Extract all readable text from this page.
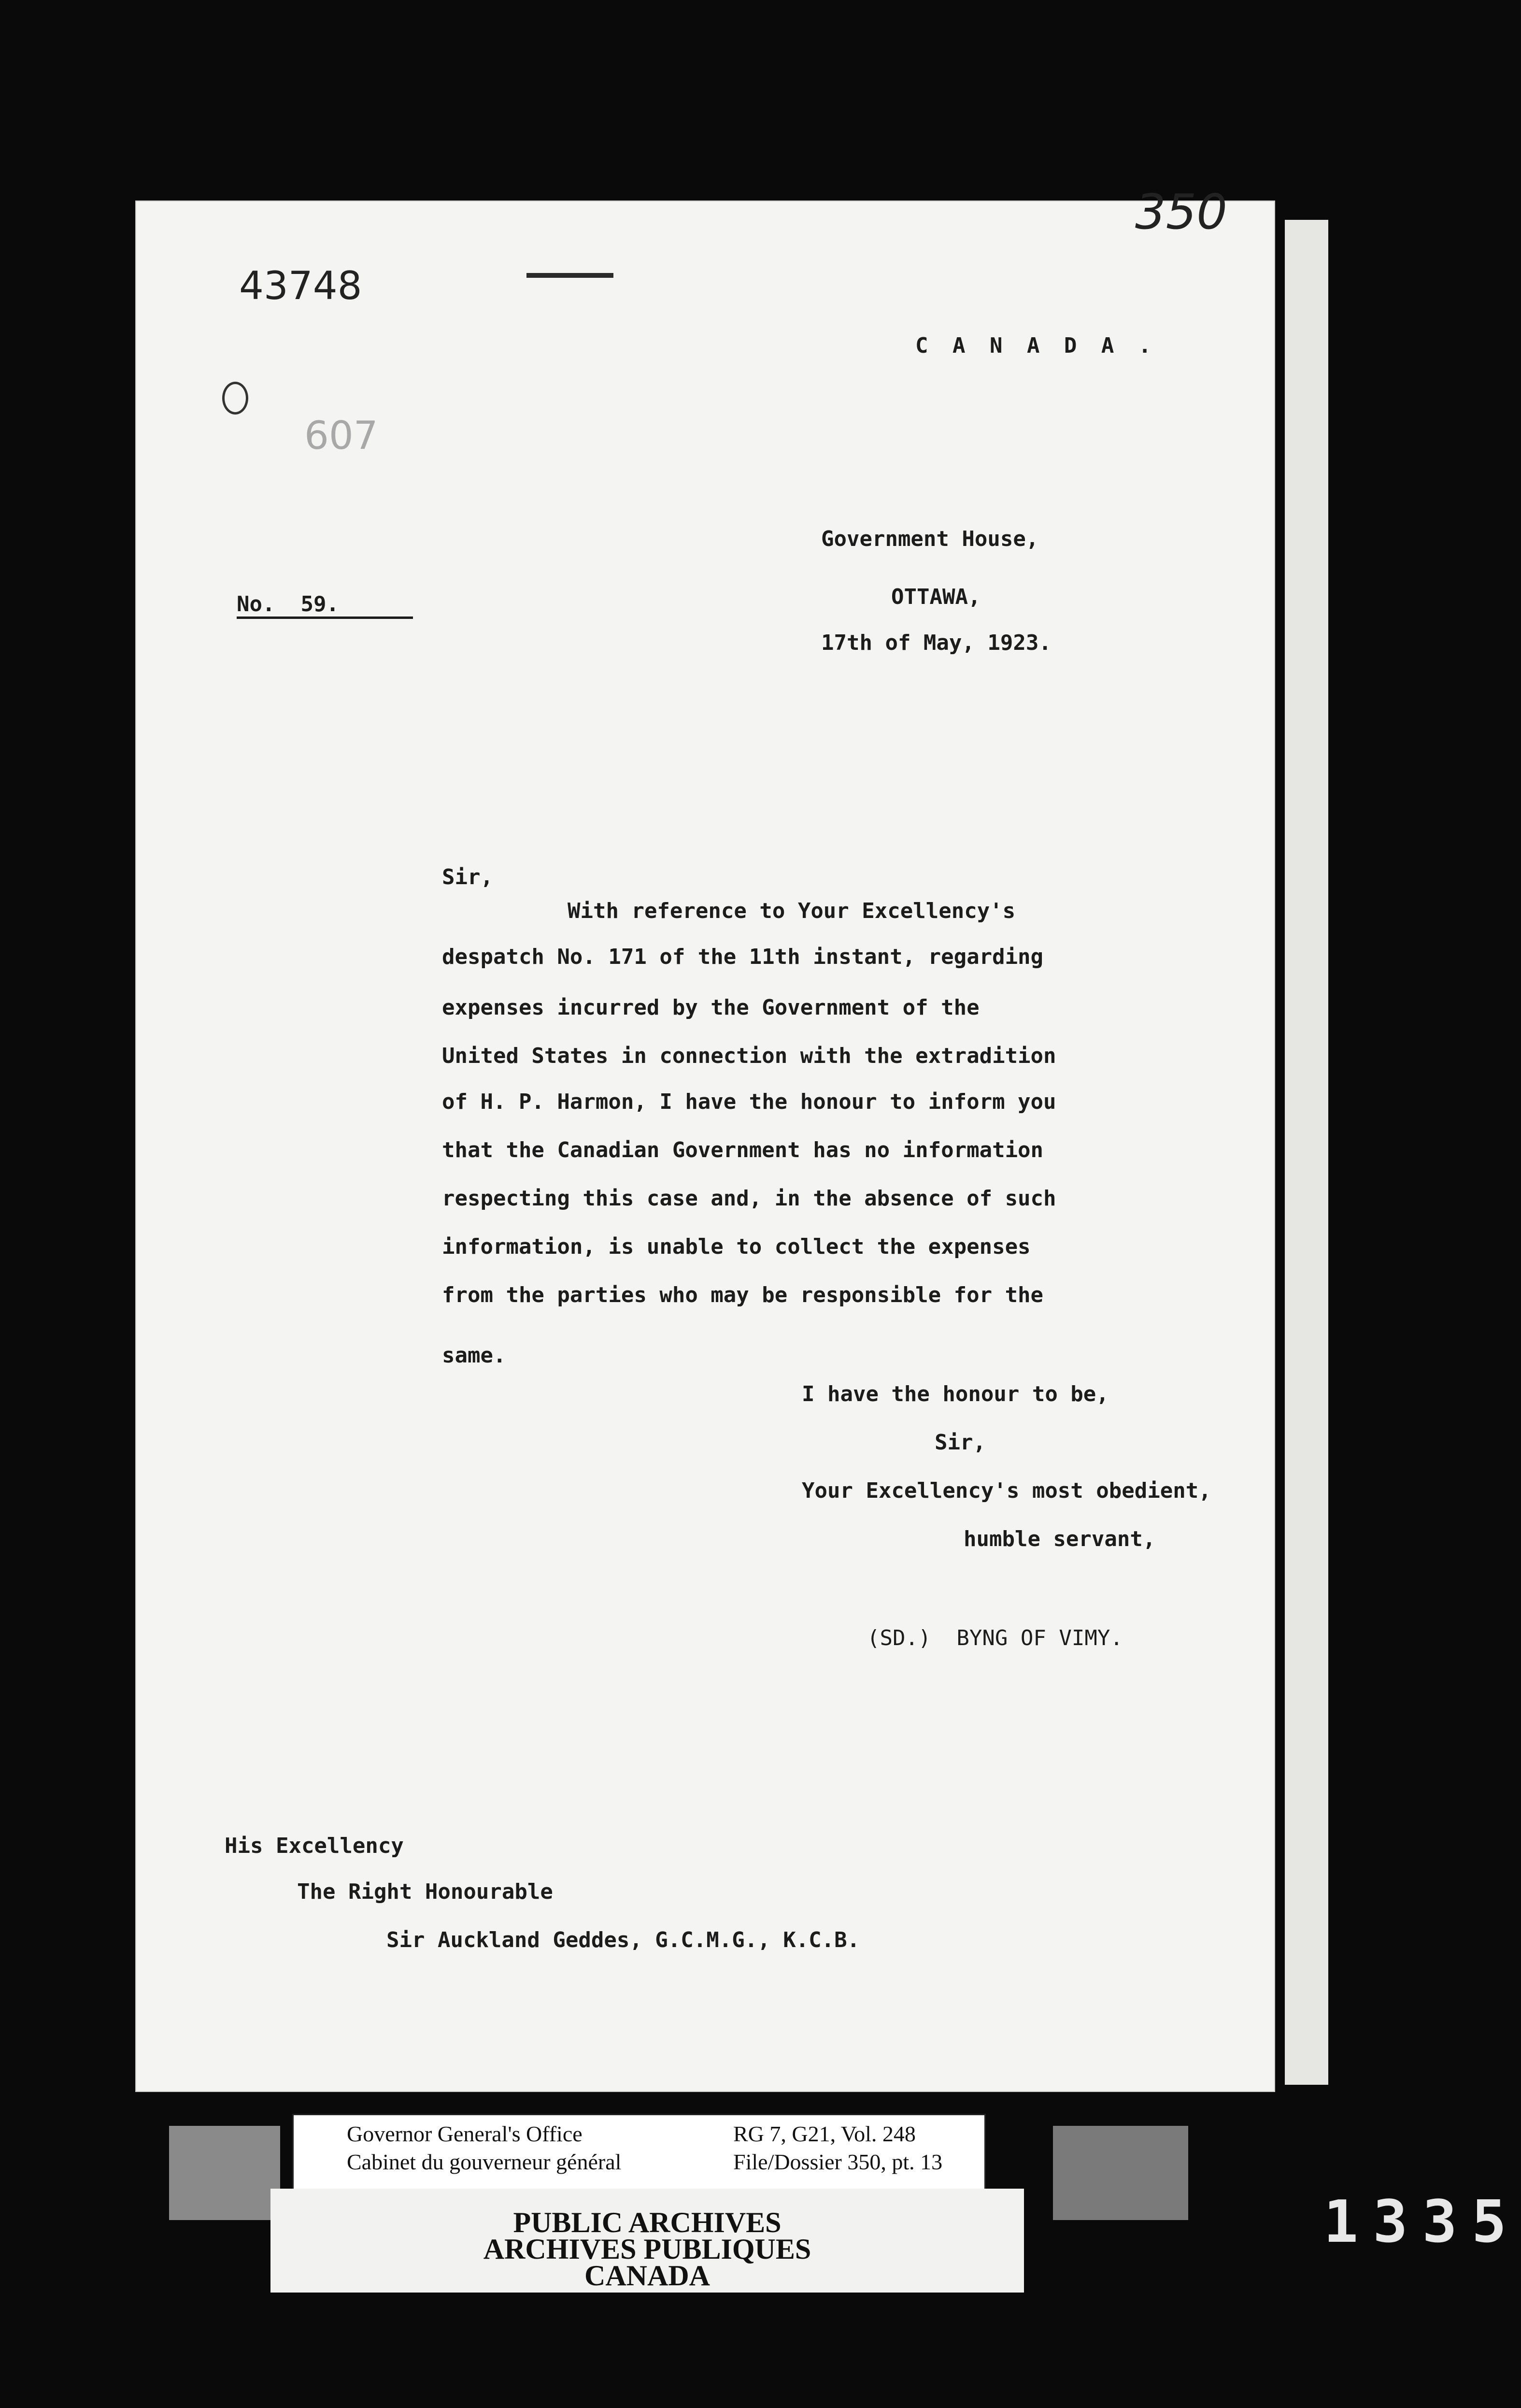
43748
350
607
C A N A D A .
No.  59.
Government House,
OTTAWA,
17th of May, 1923.
Sir,
With reference to Your Excellency's
despatch No. 171 of the 11th instant, regarding
expenses incurred by the Government of the
United States in connection with the extradition
of H. P. Harmon, I have the honour to inform you
that the Canadian Government has no information
respecting this case and, in the absence of such
information, is unable to collect the expenses
from the parties who may be responsible for the
same.
I have the honour to be,
Sir,
Your Excellency's most obedient,
humble servant,
(SD.)  BYNG OF VIMY.
His Excellency
The Right Honourable
Sir Auckland Geddes, G.C.M.G., K.C.B.
Governor General's Office
Cabinet du gouverneur général
RG 7, G21, Vol. 248
File/Dossier 350, pt. 13
PUBLIC ARCHIVES
ARCHIVES PUBLIQUES
CANADA
1335
